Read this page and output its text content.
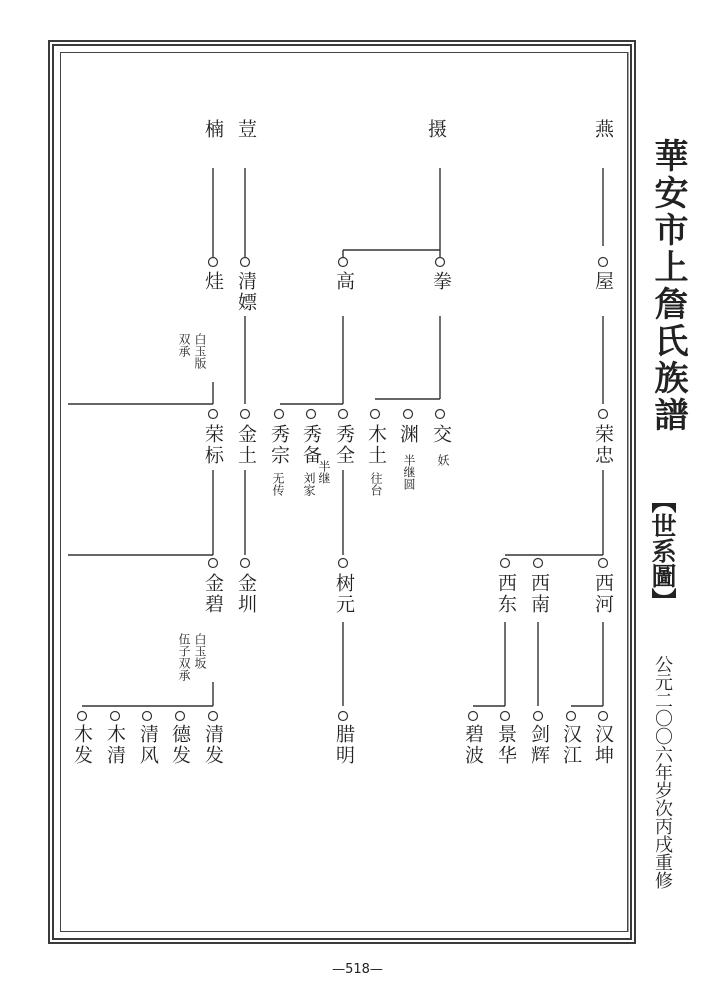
華安市上詹氏族譜
【世系圖】
公元二〇〇六年岁次丙戌重修
燕
摄
荳
楠
屋
拳
高
清嫖
烓
白玉版
双承
荣忠
交
妖
渊
半继圆
木土
往台
秀全
秀备
半继
刘家
秀宗
无传
金土
荣标
西河
西南
西东
树元
金圳
金碧
白玉坂
伍子双承
汉坤
汉江
剑辉
景华
碧波
腊明
清发
德发
清风
木清
木发
—518—
